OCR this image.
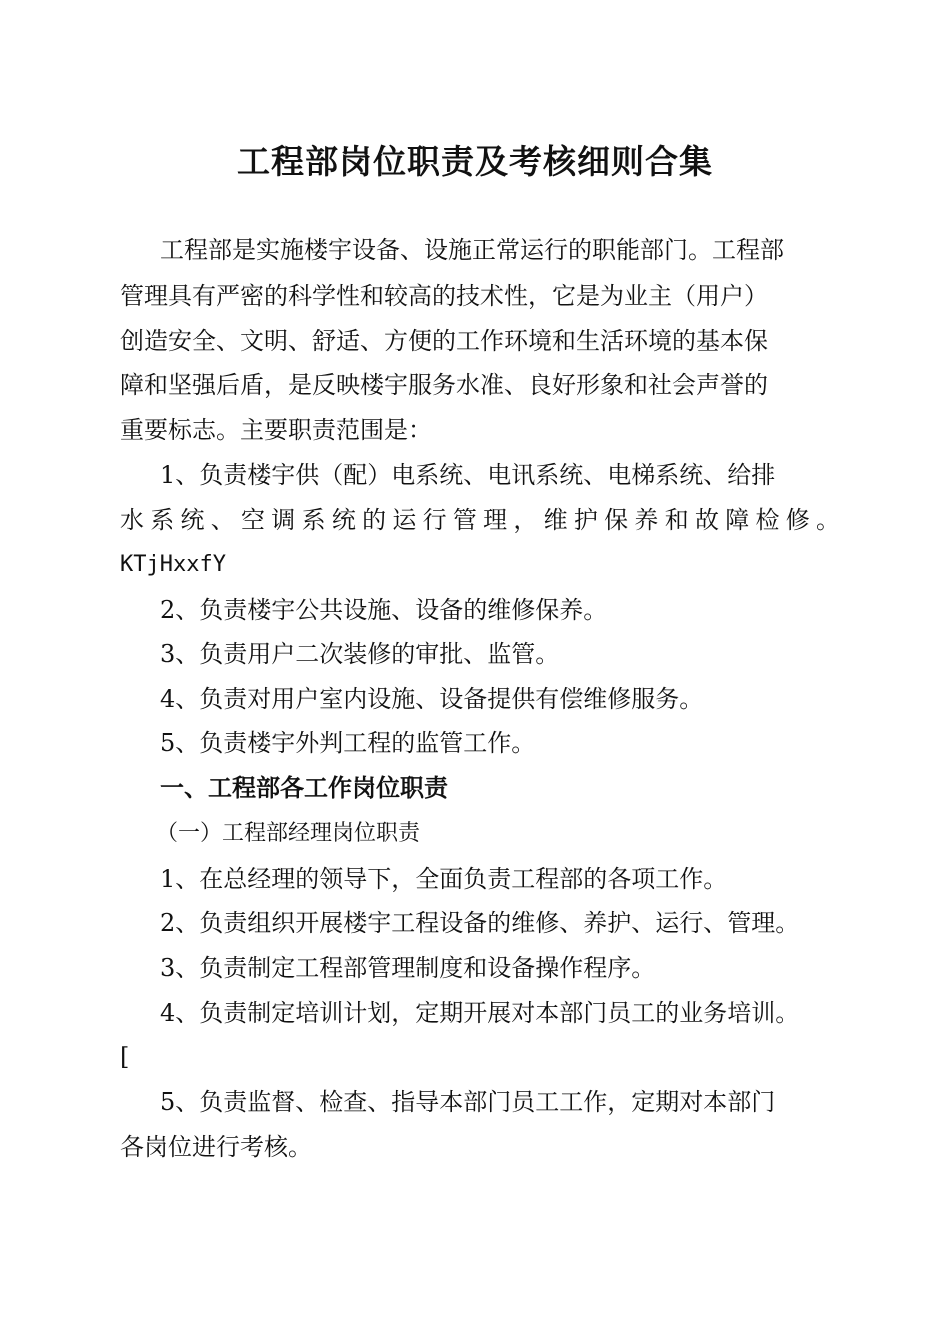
工程部岗位职责及考核细则合集

工程部是实施楼宇设备、设施正常运行的职能部门。工程部

管理具有严密的科学性和较高的技术性，它是为业主（用户）

创造安全、文明、舒适、方便的工作环境和生活环境的基本保

障和坚强后盾，是反映楼宇服务水准、良好形象和社会声誉的

重要标志。主要职责范围是：

1、负责楼宇供（配）电系统、电讯系统、电梯系统、给排

水系统、空调系统的运行管理，维护保养和故障检修。

KTjHxxfY

2、负责楼宇公共设施、设备的维修保养。

3、负责用户二次装修的审批、监管。

4、负责对用户室内设施、设备提供有偿维修服务。

5、负责楼宇外判工程的监管工作。

一、工程部各工作岗位职责

（一）工程部经理岗位职责

1、在总经理的领导下，全面负责工程部的各项工作。

2、负责组织开展楼宇工程设备的维修、养护、运行、管理。

3、负责制定工程部管理制度和设备操作程序。

4、负责制定培训计划，定期开展对本部门员工的业务培训。

[

5、负责监督、检查、指导本部门员工工作，定期对本部门

各岗位进行考核。
